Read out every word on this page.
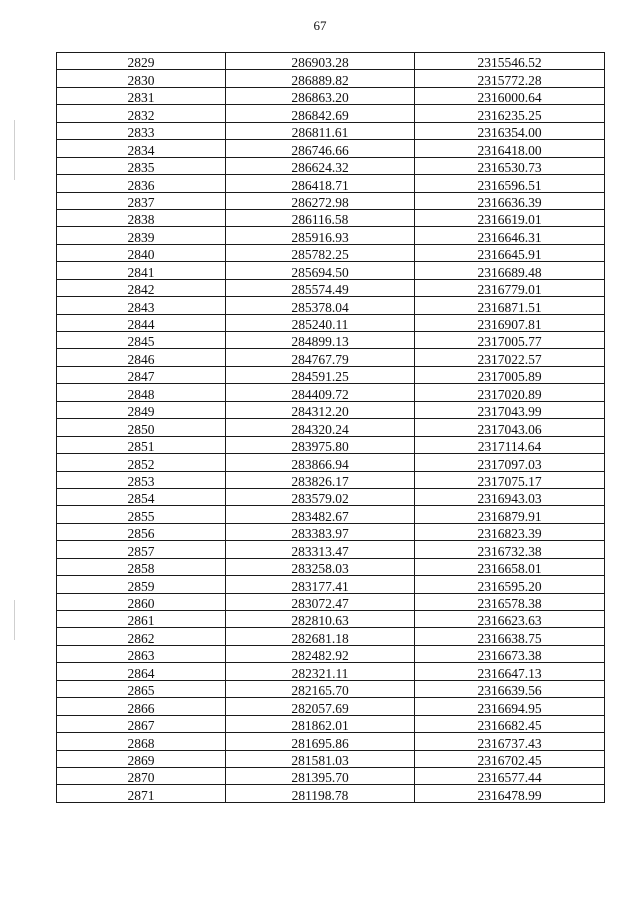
67
2829	286903.28	2315546.52
2830	286889.82	2315772.28
2831	286863.20	2316000.64
2832	286842.69	2316235.25
2833	286811.61	2316354.00
2834	286746.66	2316418.00
2835	286624.32	2316530.73
2836	286418.71	2316596.51
2837	286272.98	2316636.39
2838	286116.58	2316619.01
2839	285916.93	2316646.31
2840	285782.25	2316645.91
2841	285694.50	2316689.48
2842	285574.49	2316779.01
2843	285378.04	2316871.51
2844	285240.11	2316907.81
2845	284899.13	2317005.77
2846	284767.79	2317022.57
2847	284591.25	2317005.89
2848	284409.72	2317020.89
2849	284312.20	2317043.99
2850	284320.24	2317043.06
2851	283975.80	2317114.64
2852	283866.94	2317097.03
2853	283826.17	2317075.17
2854	283579.02	2316943.03
2855	283482.67	2316879.91
2856	283383.97	2316823.39
2857	283313.47	2316732.38
2858	283258.03	2316658.01
2859	283177.41	2316595.20
2860	283072.47	2316578.38
2861	282810.63	2316623.63
2862	282681.18	2316638.75
2863	282482.92	2316673.38
2864	282321.11	2316647.13
2865	282165.70	2316639.56
2866	282057.69	2316694.95
2867	281862.01	2316682.45
2868	281695.86	2316737.43
2869	281581.03	2316702.45
2870	281395.70	2316577.44
2871	281198.78	2316478.99
